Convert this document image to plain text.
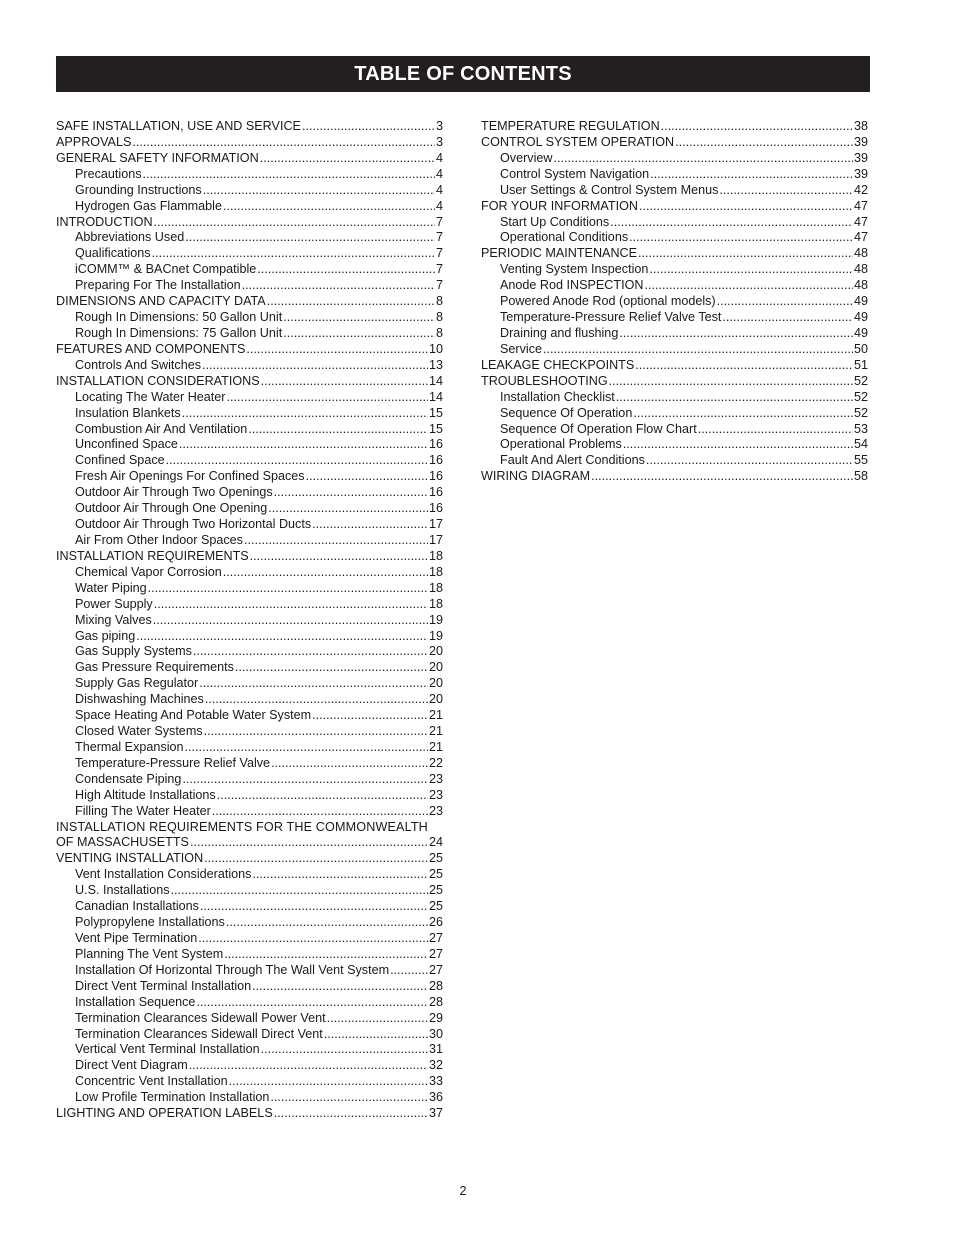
TABLE OF CONTENTS
SAFE INSTALLATION, USE AND SERVICE .....	3
APPROVALS .....	3
GENERAL SAFETY INFORMATION .....	4
Precautions .....	4
Grounding Instructions .....	4
Hydrogen Gas Flammable .....	4
INTRODUCTION .....	7
Abbreviations Used .....	7
Qualifications .....	7
iCOMM™ & BACnet Compatible .....	7
Preparing For The Installation .....	7
DIMENSIONS AND CAPACITY DATA .....	8
Rough In Dimensions: 50 Gallon Unit .....	8
Rough In Dimensions: 75 Gallon Unit .....	8
FEATURES AND COMPONENTS .....	10
Controls And Switches .....	13
INSTALLATION CONSIDERATIONS .....	14
Locating The Water Heater .....	14
Insulation Blankets .....	15
Combustion Air And Ventilation .....	15
Unconfined Space .....	16
Confined Space .....	16
Fresh Air Openings For Confined Spaces .....	16
Outdoor Air Through Two Openings .....	16
Outdoor Air Through One Opening .....	16
Outdoor Air Through Two Horizontal Ducts .....	17
Air From Other Indoor Spaces .....	17
INSTALLATION REQUIREMENTS .....	18
Chemical Vapor Corrosion .....	18
Water Piping .....	18
Power Supply .....	18
Mixing Valves .....	19
Gas piping .....	19
Gas Supply Systems .....	20
Gas Pressure Requirements .....	20
Supply Gas Regulator .....	20
Dishwashing Machines .....	20
Space Heating And Potable Water System .....	21
Closed Water Systems .....	21
Thermal Expansion .....	21
Temperature-Pressure Relief Valve .....	22
Condensate Piping .....	23
High Altitude Installations .....	23
Filling The Water Heater .....	23
INSTALLATION REQUIREMENTS FOR THE COMMONWEALTH
OF MASSACHUSETTS .....	24
VENTING INSTALLATION .....	25
Vent Installation Considerations .....	25
U.S. Installations .....	25
Canadian Installations .....	25
Polypropylene Installations .....	26
Vent Pipe Termination .....	27
Planning The Vent System .....	27
Installation Of Horizontal Through The Wall Vent System .....	27
Direct Vent Terminal Installation .....	28
Installation Sequence .....	28
Termination Clearances Sidewall Power Vent .....	29
Termination Clearances Sidewall Direct Vent .....	30
Vertical Vent Terminal Installation .....	31
Direct Vent Diagram .....	32
Concentric Vent Installation .....	33
Low Profile Termination Installation .....	36
LIGHTING AND OPERATION LABELS .....	37
TEMPERATURE REGULATION .....	38
CONTROL SYSTEM OPERATION .....	39
Overview .....	39
Control System Navigation .....	39
User Settings & Control System Menus .....	42
FOR YOUR INFORMATION .....	47
Start Up Conditions .....	47
Operational Conditions .....	47
PERIODIC MAINTENANCE .....	48
Venting System Inspection .....	48
Anode Rod INSPECTION .....	48
Powered Anode Rod (optional models) .....	49
Temperature-Pressure Relief Valve Test .....	49
Draining and flushing .....	49
Service .....	50
LEAKAGE CHECKPOINTS .....	51
TROUBLESHOOTING .....	52
Installation Checklist .....	52
Sequence Of Operation .....	52
Sequence Of Operation Flow Chart .....	53
Operational Problems .....	54
Fault And Alert Conditions .....	55
WIRING DIAGRAM .....	58
2
